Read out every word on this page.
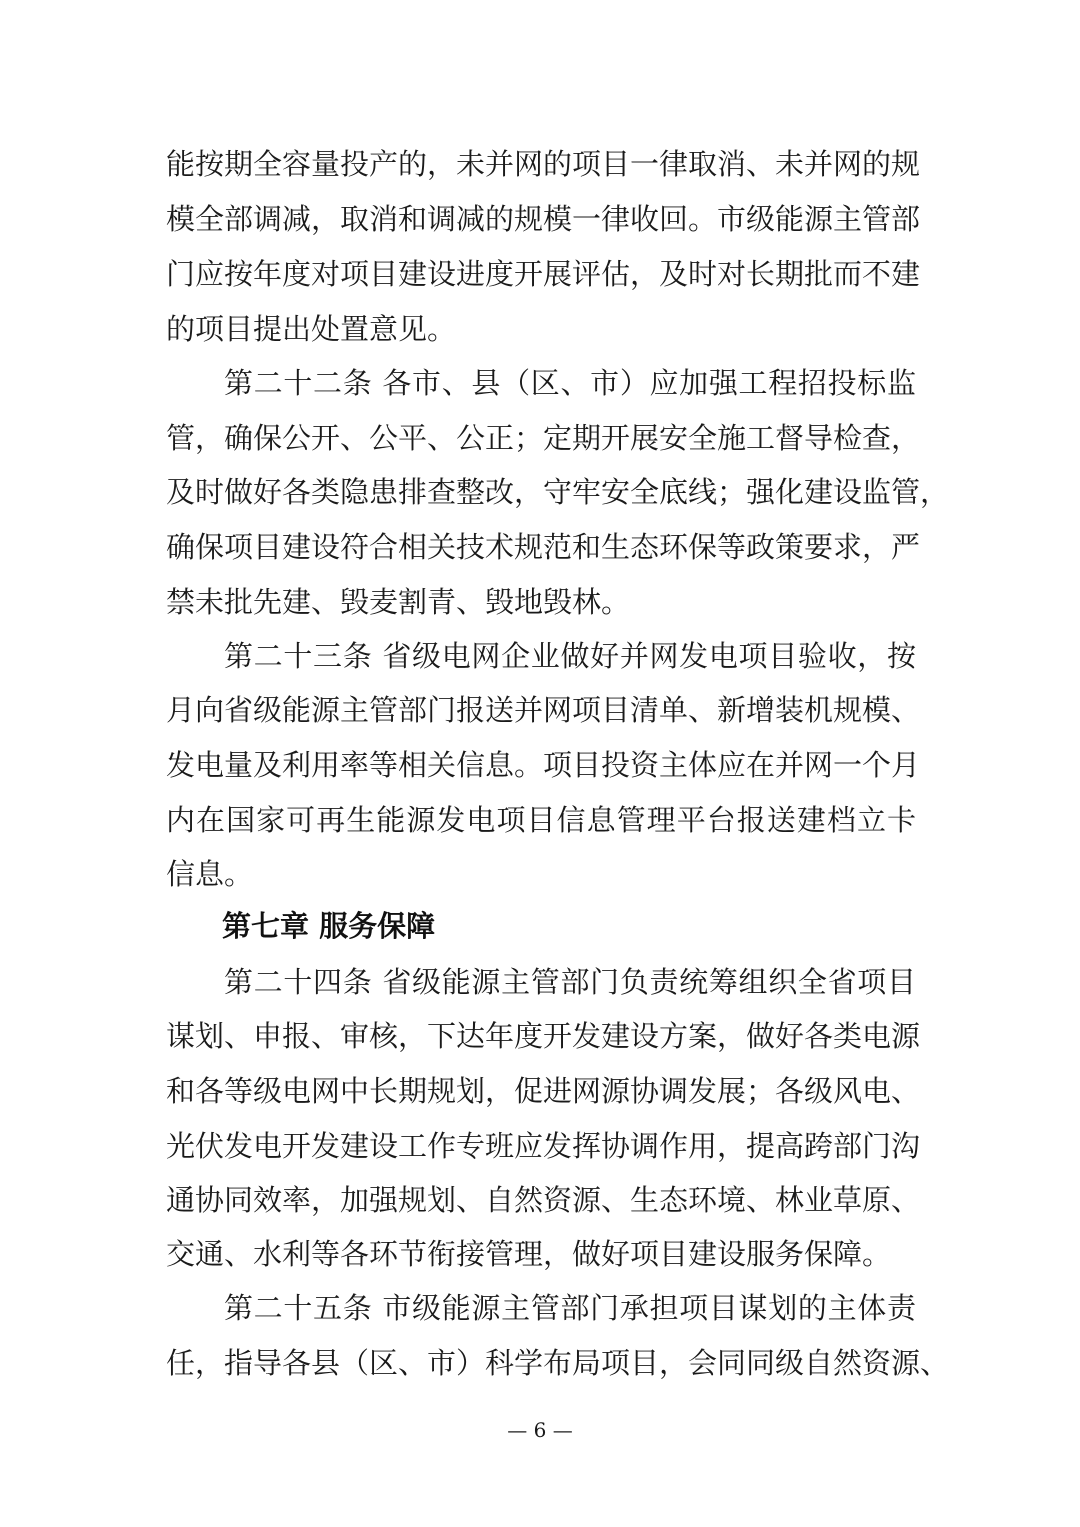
能按期全容量投产的，未并网的项目一律取消、未并网的规
模全部调减，取消和调减的规模一律收回。市级能源主管部
门应按年度对项目建设进度开展评估，及时对长期批而不建
的项目提出处置意见。
第二十二条 各市、县（区、市）应加强工程招投标监
管，确保公开、公平、公正；定期开展安全施工督导检查，
及时做好各类隐患排查整改，守牢安全底线；强化建设监管，
确保项目建设符合相关技术规范和生态环保等政策要求，严
禁未批先建、毁麦割青、毁地毁林。
第二十三条 省级电网企业做好并网发电项目验收，按
月向省级能源主管部门报送并网项目清单、新增装机规模、
发电量及利用率等相关信息。项目投资主体应在并网一个月
内在国家可再生能源发电项目信息管理平台报送建档立卡
信息。
第七章 服务保障
第二十四条 省级能源主管部门负责统筹组织全省项目
谋划、申报、审核，下达年度开发建设方案，做好各类电源
和各等级电网中长期规划，促进网源协调发展；各级风电、
光伏发电开发建设工作专班应发挥协调作用，提高跨部门沟
通协同效率，加强规划、自然资源、生态环境、林业草原、
交通、水利等各环节衔接管理，做好项目建设服务保障。
第二十五条 市级能源主管部门承担项目谋划的主体责
任，指导各县（区、市）科学布局项目，会同同级自然资源、
— 6 —
